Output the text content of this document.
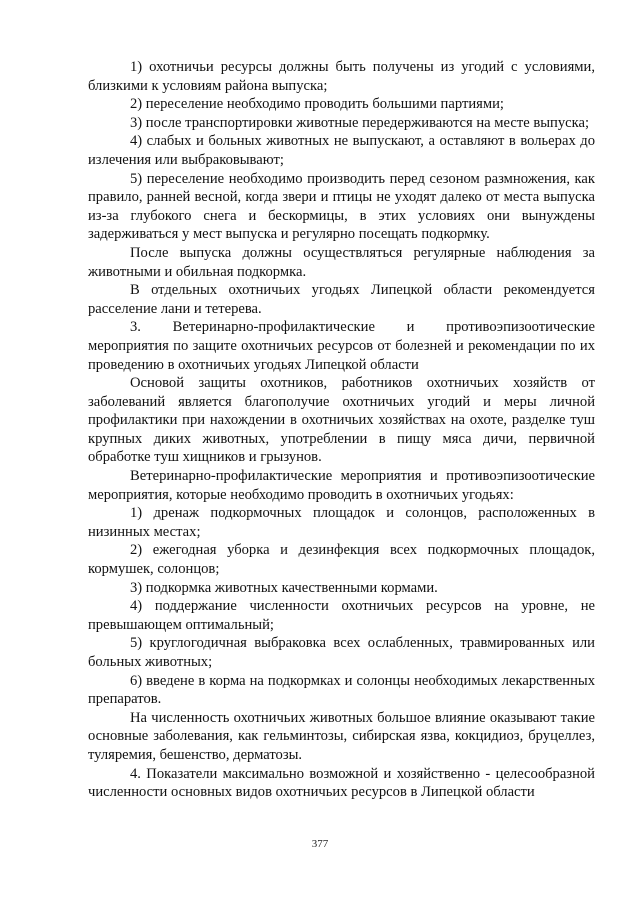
1) охотничьи ресурсы должны быть получены из угодий с условиями, близкими к условиям района выпуска;

2) переселение необходимо проводить большими партиями;

3) после транспортировки животные передерживаются на месте выпуска;

4) слабых и больных животных не выпускают, а оставляют в вольерах до излечения или выбраковывают;

5) переселение необходимо производить перед сезоном размножения, как правило, ранней весной, когда звери и птицы не уходят далеко от места выпуска из-за глубокого снега и бескормицы, в этих условиях они вынуждены задерживаться у мест выпуска и регулярно посещать подкормку.

После выпуска должны осуществляться регулярные наблюдения за животными и обильная подкормка.

В отдельных охотничьих угодьях Липецкой области рекомендуется расселение лани и тетерева.

3. Ветеринарно-профилактические и противоэпизоотические мероприятия по защите охотничьих ресурсов от болезней и рекомендации по их проведению в охотничьих угодьях Липецкой области

Основой защиты охотников, работников охотничьих хозяйств от заболеваний является благополучие охотничьих угодий и меры личной профилактики при нахождении в охотничьих хозяйствах на охоте, разделке туш крупных диких животных, употреблении в пищу мяса дичи, первичной обработке туш хищников и грызунов.

Ветеринарно-профилактические мероприятия и противоэпизоотические мероприятия, которые необходимо проводить в охотничьих угодьях:

1) дренаж подкормочных площадок и солонцов, расположенных в низинных местах;

2) ежегодная уборка и дезинфекция всех подкормочных площадок, кормушек, солонцов;

3) подкормка животных качественными кормами.

4) поддержание численности охотничьих ресурсов на уровне, не превышающем оптимальный;

5) круглогодичная выбраковка всех ослабленных, травмированных или больных животных;

6) введене в корма на подкормках и солонцы необходимых лекарственных препаратов.

На численность охотничьих животных большое влияние оказывают такие основные заболевания, как гельминтозы, сибирская язва, кокцидиоз, бруцеллез, туляремия, бешенство, дерматозы.

4. Показатели максимально возможной и хозяйственно - целесообразной численности основных видов охотничьих ресурсов в Липецкой области

377
